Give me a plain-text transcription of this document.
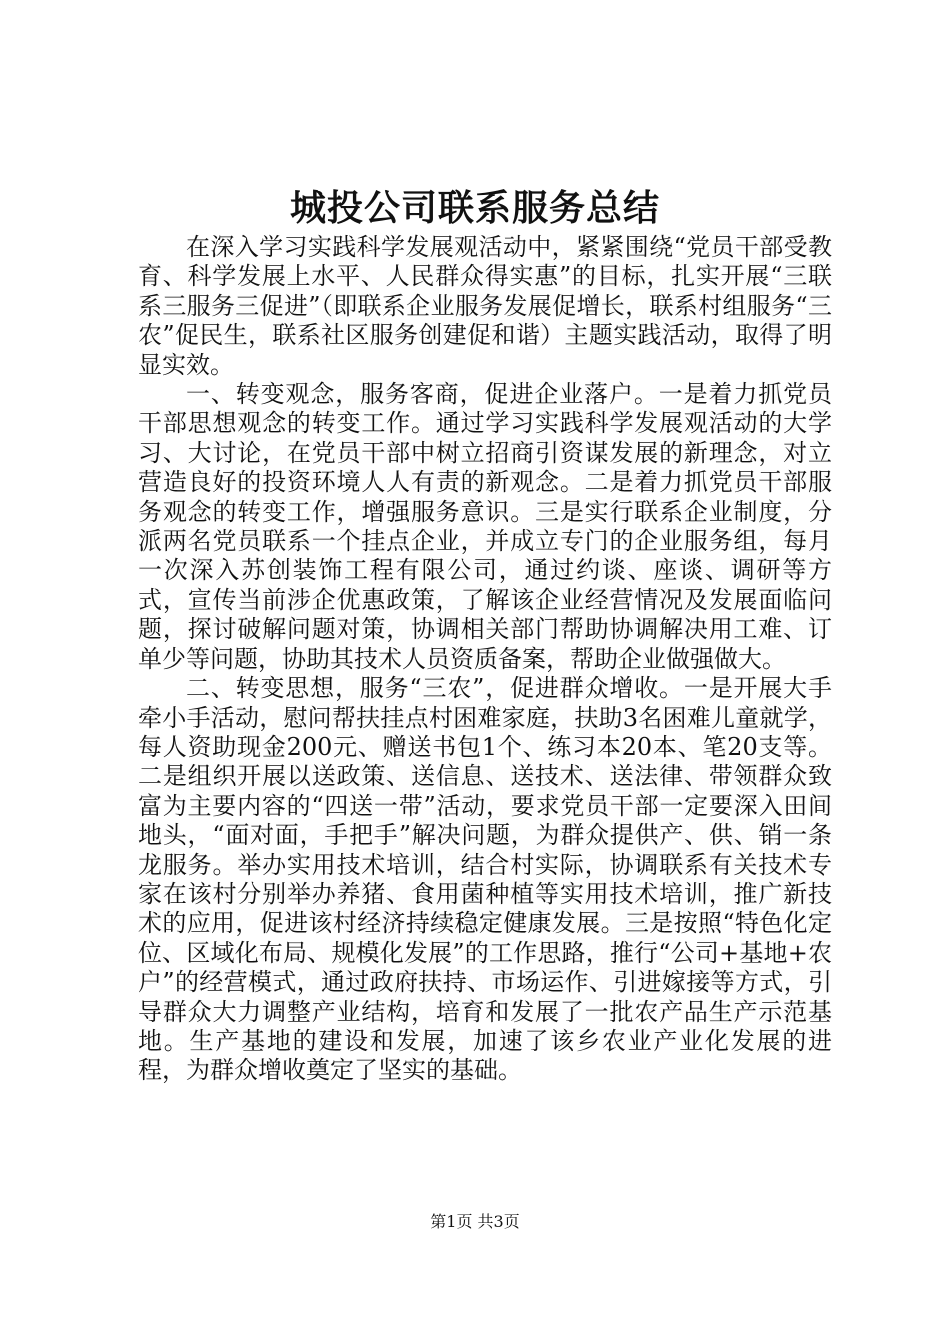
城投公司联系服务总结

在深入学习实践科学发展观活动中，紧紧围绕“党员干部受教育、科学发展上水平、人民群众得实惠”的目标，扎实开展“三联系三服务三促进”（即联系企业服务发展促增长，联系村组服务“三农”促民生，联系社区服务创建促和谐）主题实践活动，取得了明显实效。

一、转变观念，服务客商，促进企业落户。一是着力抓党员干部思想观念的转变工作。通过学习实践科学发展观活动的大学习、大讨论，在党员干部中树立招商引资谋发展的新理念，对立营造良好的投资环境人人有责的新观念。二是着力抓党员干部服务观念的转变工作，增强服务意识。三是实行联系企业制度，分派两名党员联系一个挂点企业，并成立专门的企业服务组，每月一次深入苏创装饰工程有限公司，通过约谈、座谈、调研等方式，宣传当前涉企优惠政策，了解该企业经营情况及发展面临问题，探讨破解问题对策，协调相关部门帮助协调解决用工难、订单少等问题，协助其技术人员资质备案，帮助企业做强做大。

二、转变思想，服务“三农”，促进群众增收。一是开展大手牵小手活动，慰问帮扶挂点村困难家庭，扶助3名困难儿童就学，每人资助现金200元、赠送书包1个、练习本20本、笔20支等。二是组织开展以送政策、送信息、送技术、送法律、带领群众致富为主要内容的“四送一带”活动，要求党员干部一定要深入田间地头，“面对面，手把手”解决问题，为群众提供产、供、销一条龙服务。举办实用技术培训，结合村实际，协调联系有关技术专家在该村分别举办养猪、食用菌种植等实用技术培训，推广新技术的应用，促进该村经济持续稳定健康发展。三是按照“特色化定位、区域化布局、规模化发展”的工作思路，推行“公司+基地+农户”的经营模式，通过政府扶持、市场运作、引进嫁接等方式，引导群众大力调整产业结构，培育和发展了一批农产品生产示范基地。生产基地的建设和发展，加速了该乡农业产业化发展的进程，为群众增收奠定了坚实的基础。

第1页 共3页
